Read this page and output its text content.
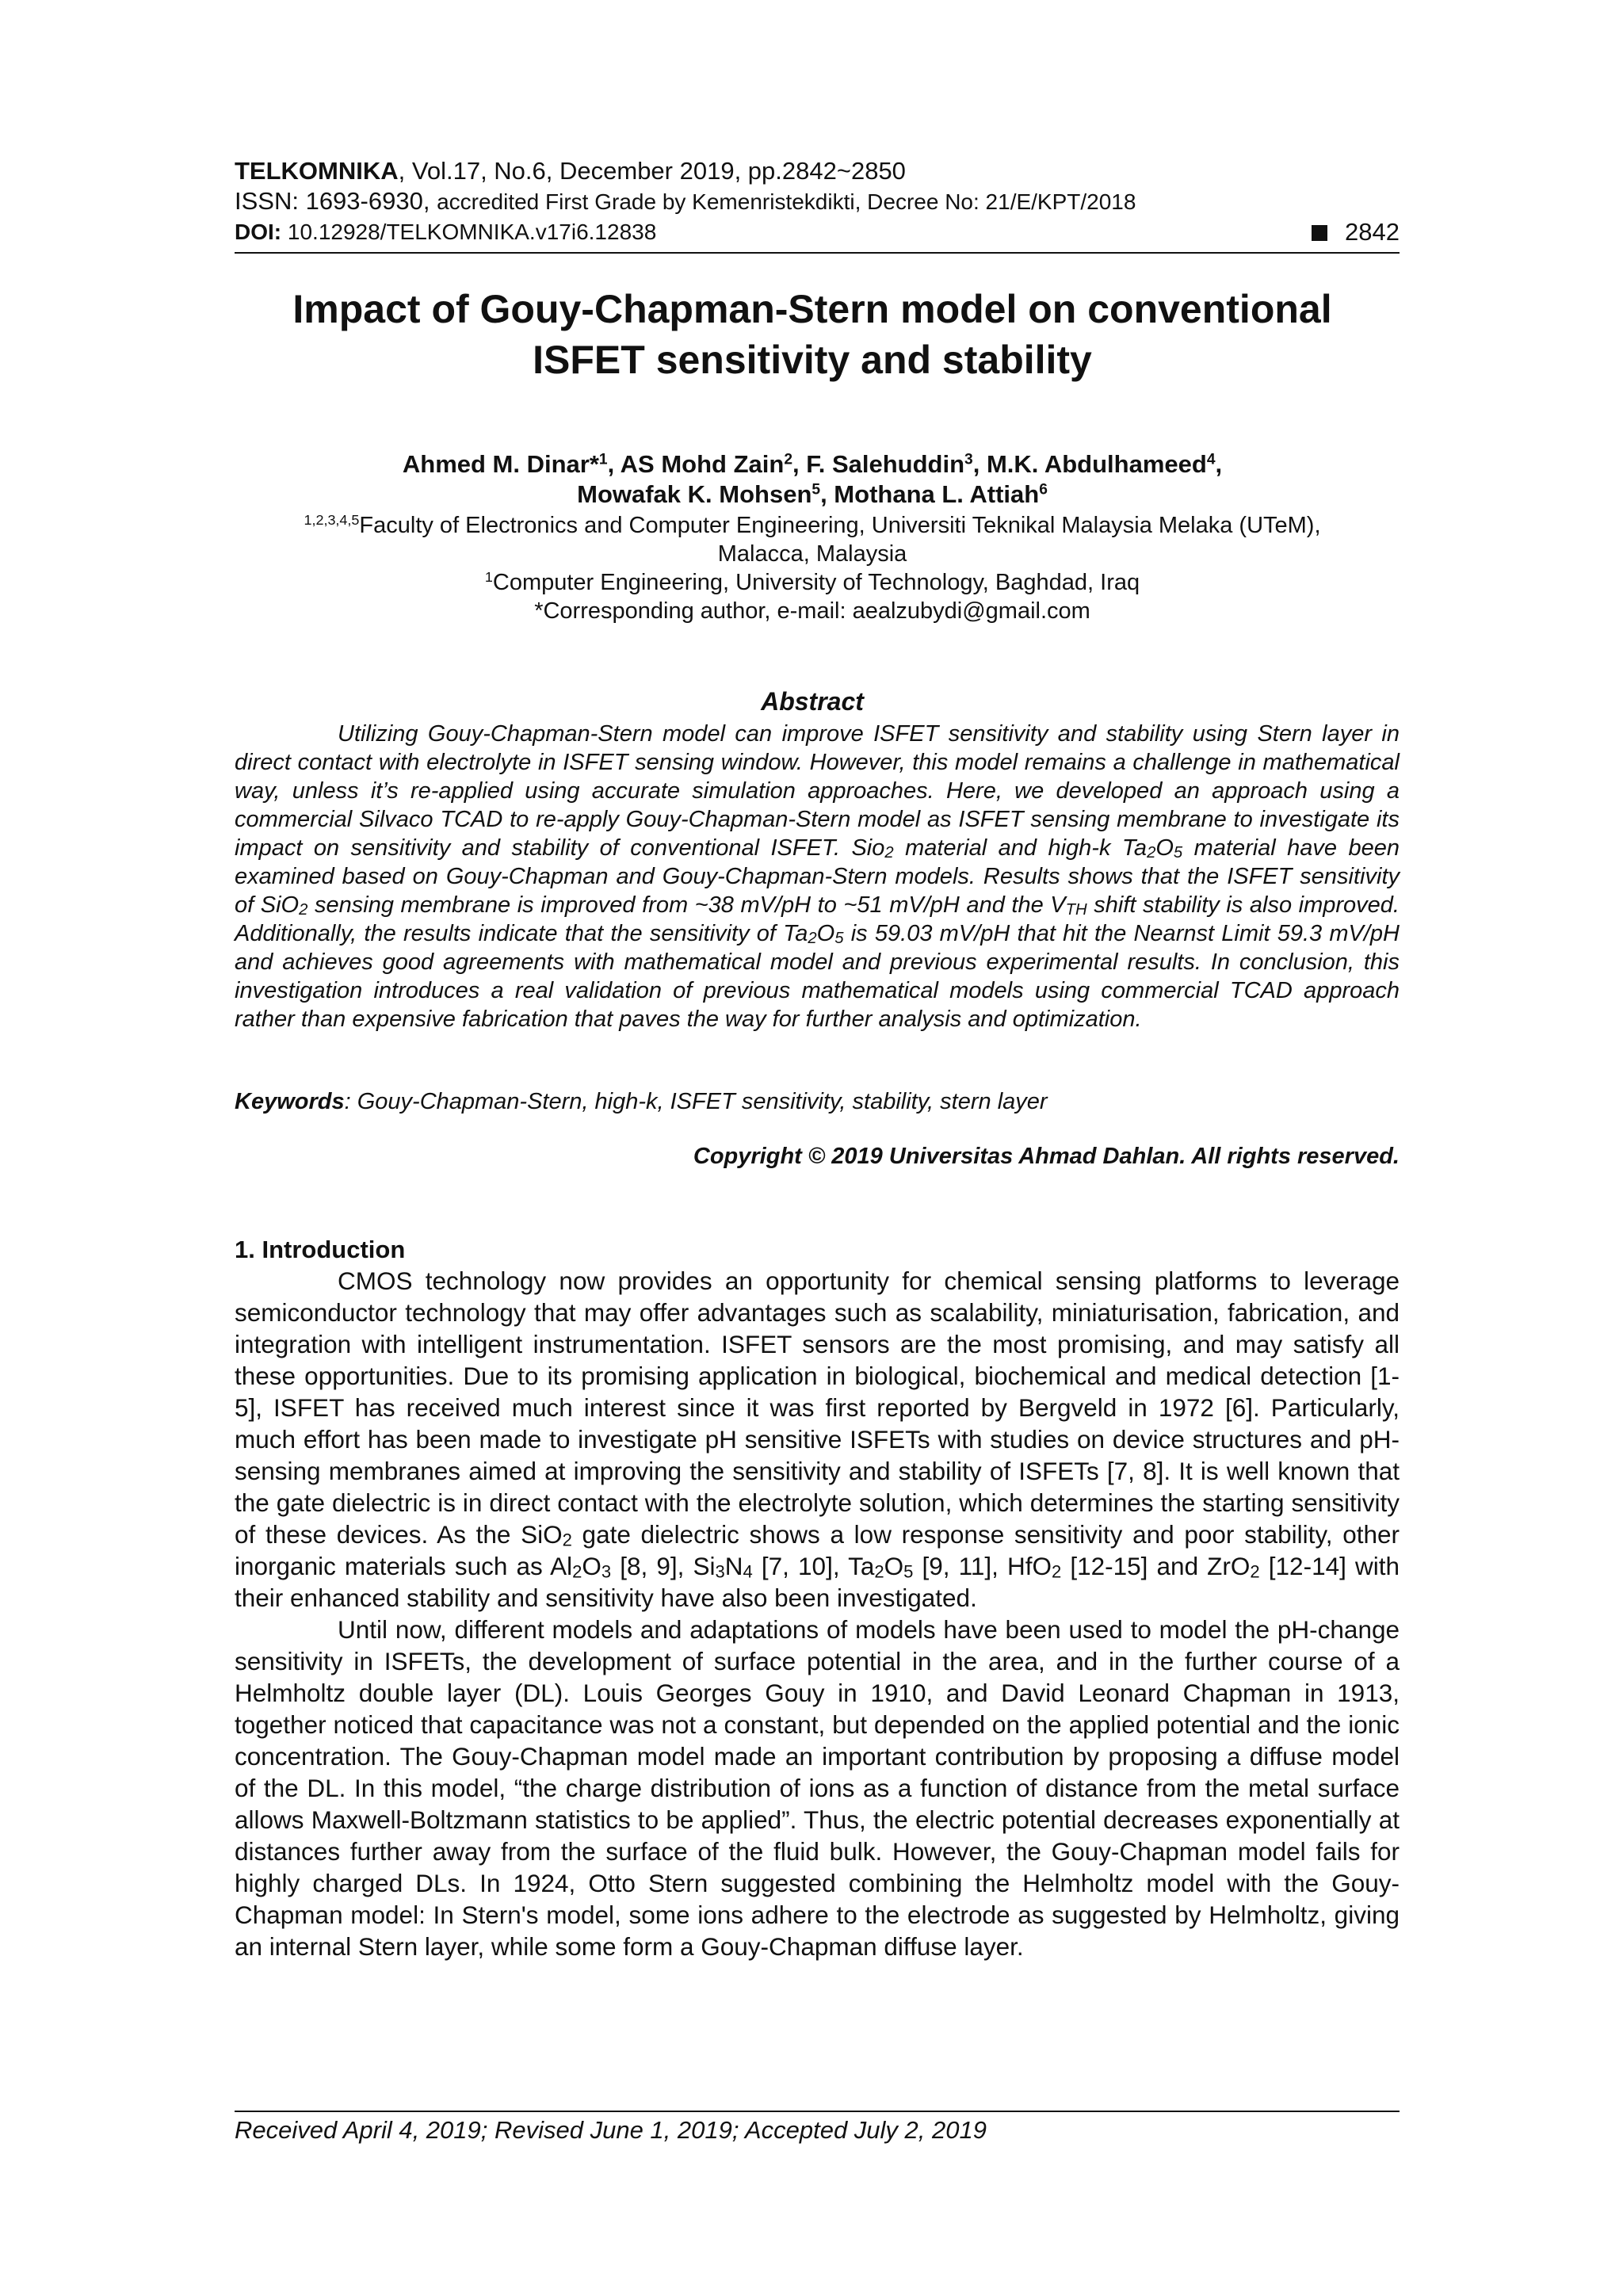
TELKOMNIKA, Vol.17, No.6, December 2019, pp.2842~2850
ISSN: 1693-6930, accredited First Grade by Kemenristekdikti, Decree No: 21/E/KPT/2018
DOI: 10.12928/TELKOMNIKA.v17i6.12838	2842
Impact of Gouy-Chapman-Stern model on conventional
ISFET sensitivity and stability
Ahmed M. Dinar*$^1$, AS Mohd Zain$^2$, F. Salehuddin$^3$, M.K. Abdulhameed$^4$,
Mowafak K. Mohsen$^5$, Mothana L. Attiah$^6$
$^{1,2,3,4,5}$Faculty of Electronics and Computer Engineering, Universiti Teknikal Malaysia Melaka (UTeM),
Malacca, Malaysia
$^1$Computer Engineering, University of Technology, Baghdad, Iraq
*Corresponding author, e-mail: aealzubydi@gmail.com
Abstract
Utilizing Gouy-Chapman-Stern model can improve ISFET sensitivity and stability using Stern layer in direct contact with electrolyte in ISFET sensing window. However, this model remains a challenge in mathematical way, unless it’s re-applied using accurate simulation approaches. Here, we developed an approach using a commercial Silvaco TCAD to re-apply Gouy-Chapman-Stern model as ISFET sensing membrane to investigate its impact on sensitivity and stability of conventional ISFET. Sio$_2$ material and high-k $Ta_2O_5$ material have been examined based on Gouy-Chapman and Gouy-Chapman-Stern models. Results shows that the ISFET sensitivity of SiO$_2$ sensing membrane is improved from ~38 mV/pH to ~51 mV/pH and the $V_{TH}$ shift stability is also improved. Additionally, the results indicate that the sensitivity of $Ta_2O_5$ is 59.03 mV/pH that hit the Nearnst Limit 59.3 mV/pH and achieves good agreements with mathematical model and previous experimental results. In conclusion, this investigation introduces a real validation of previous mathematical models using commercial TCAD approach rather than expensive fabrication that paves the way for further analysis and optimization.
Keywords: Gouy-Chapman-Stern, high-k, ISFET sensitivity, stability, stern layer
Copyright © 2019 Universitas Ahmad Dahlan. All rights reserved.
1. Introduction

CMOS technology now provides an opportunity for chemical sensing platforms to leverage semiconductor technology that may offer advantages such as scalability, miniaturisation, fabrication, and integration with intelligent instrumentation. ISFET sensors are the most promising, and may satisfy all these opportunities. Due to its promising application in biological, biochemical and medical detection [1-5], ISFET has received much interest since it was first reported by Bergveld in 1972 [6]. Particularly, much effort has been made to investigate pH sensitive ISFETs with studies on device structures and pH-sensing membranes aimed at improving the sensitivity and stability of ISFETs [7, 8]. It is well known that the gate dielectric is in direct contact with the electrolyte solution, which determines the starting sensitivity of these devices. As the SiO$_2$ gate dielectric shows a low response sensitivity and poor stability, other inorganic materials such as $Al_2O_3$ [8, 9], $Si_3N_4$ [7, 10], $Ta_2O_5$ [9, 11], HfO$_2$ [12-15] and ZrO$_2$ [12-14] with their enhanced stability and sensitivity have also been investigated.

Until now, different models and adaptations of models have been used to model the pH-change sensitivity in ISFETs, the development of surface potential in the area, and in the further course of a Helmholtz double layer (DL). Louis Georges Gouy in 1910, and David Leonard Chapman in 1913, together noticed that capacitance was not a constant, but depended on the applied potential and the ionic concentration. The Gouy-Chapman model made an important contribution by proposing a diffuse model of the DL. In this model, “the charge distribution of ions as a function of distance from the metal surface allows Maxwell-Boltzmann statistics to be applied”. Thus, the electric potential decreases exponentially at distances further away from the surface of the fluid bulk. However, the Gouy-Chapman model fails for highly charged DLs. In 1924, Otto Stern suggested combining the Helmholtz model with the Gouy-Chapman model: In Stern's model, some ions adhere to the electrode as suggested by Helmholtz, giving an internal Stern layer, while some form a Gouy-Chapman diffuse layer.

Received April 4, 2019; Revised June 1, 2019; Accepted July 2, 2019
